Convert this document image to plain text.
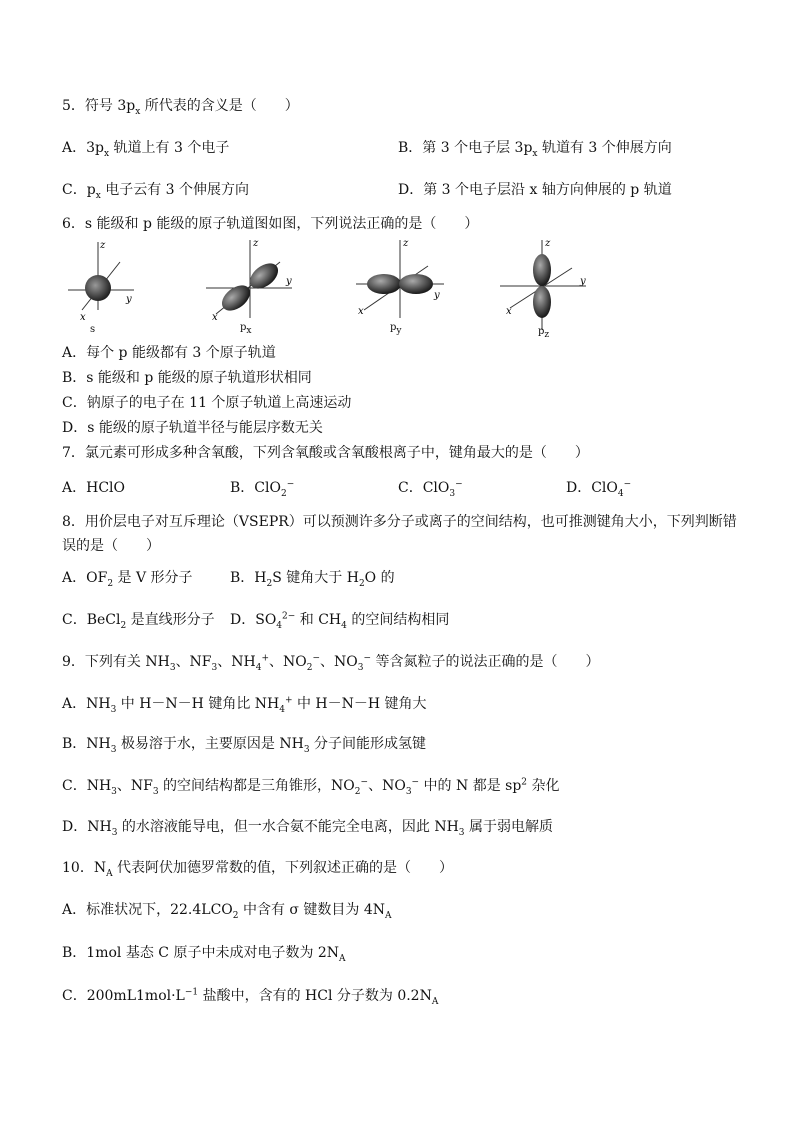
5．符号 $3p_x$ 所代表的含义是（　　）
A．$3p_x$ 轨道上有 3 个电子	B．第 3 个电子层 $3p_x$ 轨道有 3 个伸展方向
C．$p_x$ 电子云有 3 个伸展方向	D．第 3 个电子层沿 x 轴方向伸展的 p 轨道
6．s 能级和 p 能级的原子轨道图如图，下列说法正确的是（　　）
z
y
x
s
z
y
x
$p_x$
z
y
x
$p_y$
z
y
x
$p_z$
A．每个 p 能级都有 3 个原子轨道
B．s 能级和 p 能级的原子轨道形状相同
C．钠原子的电子在 11 个原子轨道上高速运动
D．s 能级的原子轨道半径与能层序数无关
7．氯元素可形成多种含氧酸，下列含氧酸或含氧酸根离子中，键角最大的是（　　）
A．HClO	B．ClO$_2$−	C．ClO$_3$−	D．ClO$_4$−
8．用价层电子对互斥理论（VSEPR）可以预测许多分子或离子的空间结构，也可推测键角大小，下列判断错
误的是（　　）
A．$OF_2$ 是 V 形分子	B．$H_2S$ 键角大于 $H_2O$ 的
C．BeCl$_2$ 是直线形分子 D．$SO_4^{2-}$ 和 $CH_4$ 的空间结构相同
9．下列有关 $NH_3$、$NF_3$、$NH_4^+$、$NO_2^-$、$NO_3^-$ 等含氮粒子的说法正确的是（　　）
A．$NH_3$ 中 H－N－H 键角比 $NH_4^+$ 中 H－N－H 键角大
B．$NH_3$ 极易溶于水，主要原因是 $NH_3$ 分子间能形成氢键
C．$NH_3$、$NF_3$ 的空间结构都是三角锥形，$NO_2^-$、$NO_3^-$ 中的 N 都是 $sp^2$ 杂化
D．$NH_3$ 的水溶液能导电，但一水合氨不能完全电离，因此 $NH_3$ 属于弱电解质
10．$N_A$ 代表阿伏加德罗常数的值，下列叙述正确的是（　　）
A．标准状况下，$22.4LCO_2$ 中含有 σ 键数目为 $4N_A$
B．1mol 基态 C 原子中未成对电子数为 $2N_A$
C．$200mL1mol\cdot L^{-1}$ 盐酸中，含有的 HCl 分子数为 $0.2N_A$
